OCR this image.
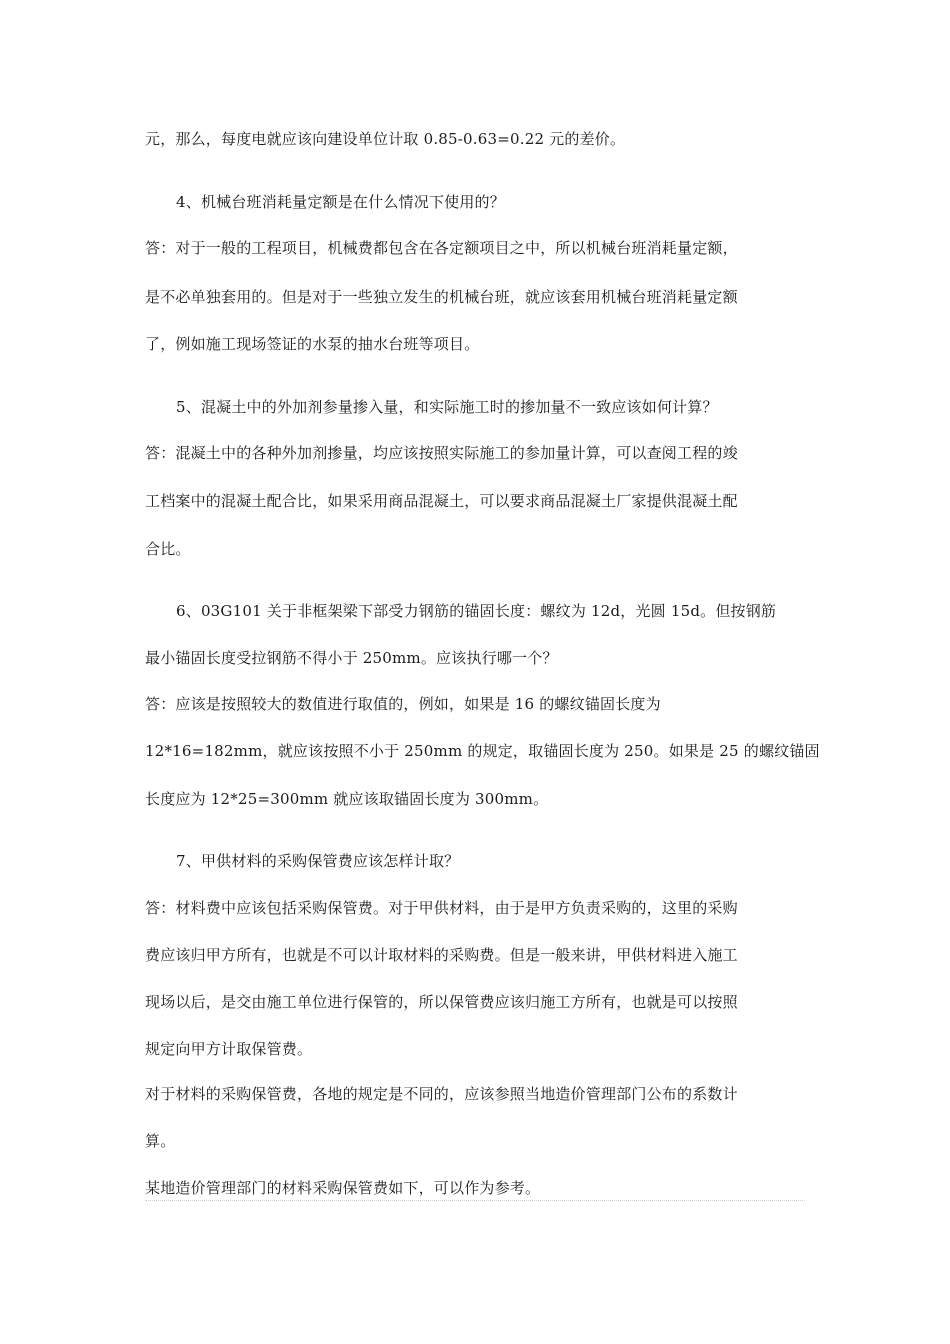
元，那么，每度电就应该向建设单位计取 0.85-0.63=0.22 元的差价。
4、机械台班消耗量定额是在什么情况下使用的？
答：对于一般的工程项目，机械费都包含在各定额项目之中，所以机械台班消耗量定额，
是不必单独套用的。但是对于一些独立发生的机械台班，就应该套用机械台班消耗量定额
了，例如施工现场签证的水泵的抽水台班等项目。
5、混凝土中的外加剂参量掺入量，和实际施工时的掺加量不一致应该如何计算？
答：混凝土中的各种外加剂掺量，均应该按照实际施工的参加量计算，可以查阅工程的竣
工档案中的混凝土配合比，如果采用商品混凝土，可以要求商品混凝土厂家提供混凝土配
合比。
6、03G101 关于非框架梁下部受力钢筋的锚固长度：螺纹为 12d，光圆 15d。但按钢筋
最小锚固长度受拉钢筋不得小于 250mm。应该执行哪一个？
答：应该是按照较大的数值进行取值的，例如，如果是 16 的螺纹锚固长度为
12*16=182mm，就应该按照不小于 250mm 的规定，取锚固长度为 250。如果是 25 的螺纹锚固
长度应为 12*25=300mm 就应该取锚固长度为 300mm。
7、甲供材料的采购保管费应该怎样计取？
答：材料费中应该包括采购保管费。对于甲供材料，由于是甲方负责采购的，这里的采购
费应该归甲方所有，也就是不可以计取材料的采购费。但是一般来讲，甲供材料进入施工
现场以后，是交由施工单位进行保管的，所以保管费应该归施工方所有，也就是可以按照
规定向甲方计取保管费。
对于材料的采购保管费，各地的规定是不同的，应该参照当地造价管理部门公布的系数计
算。
某地造价管理部门的材料采购保管费如下，可以作为参考。
